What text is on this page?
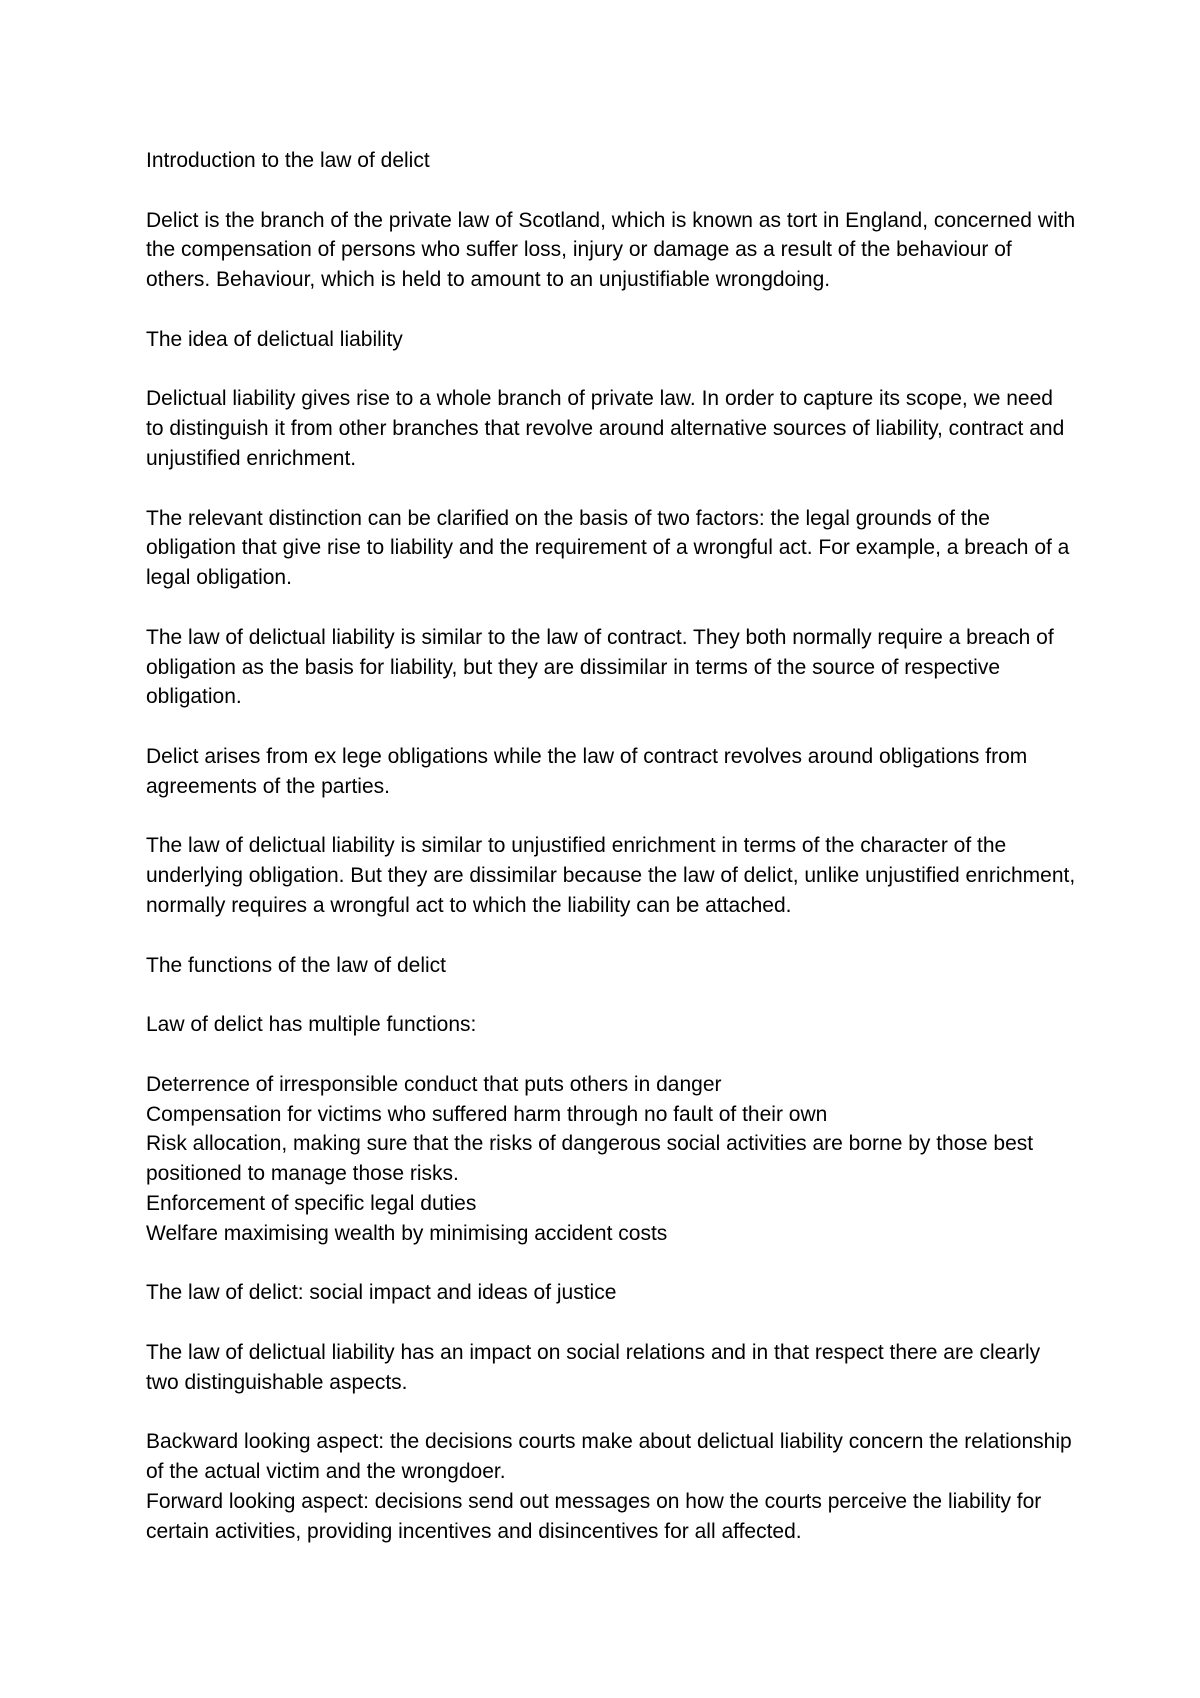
Introduction to the law of delict

Delict is the branch of the private law of Scotland, which is known as tort in England, concerned with the compensation of persons who suffer loss, injury or damage as a result of the behaviour of others. Behaviour, which is held to amount to an unjustifiable wrongdoing.

The idea of delictual liability

Delictual liability gives rise to a whole branch of private law. In order to capture its scope, we need to distinguish it from other branches that revolve around alternative sources of liability, contract and unjustified enrichment.

The relevant distinction can be clarified on the basis of two factors: the legal grounds of the obligation that give rise to liability and the requirement of a wrongful act. For example, a breach of a legal obligation.

The law of delictual liability is similar to the law of contract. They both normally require a breach of obligation as the basis for liability, but they are dissimilar in terms of the source of respective obligation.

Delict arises from ex lege obligations while the law of contract revolves around obligations from agreements of the parties.

The law of delictual liability is similar to unjustified enrichment in terms of the character of the underlying obligation. But they are dissimilar because the law of delict, unlike unjustified enrichment, normally requires a wrongful act to which the liability can be attached.

The functions of the law of delict

Law of delict has multiple functions:

Deterrence of irresponsible conduct that puts others in danger
Compensation for victims who suffered harm through no fault of their own
Risk allocation, making sure that the risks of dangerous social activities are borne by those best positioned to manage those risks.
Enforcement of specific legal duties
Welfare maximising wealth by minimising accident costs

The law of delict: social impact and ideas of justice

The law of delictual liability has an impact on social relations and in that respect there are clearly two distinguishable aspects.

Backward looking aspect: the decisions courts make about delictual liability concern the relationship of the actual victim and the wrongdoer.
Forward looking aspect: decisions send out messages on how the courts perceive the liability for certain activities, providing incentives and disincentives for all affected.
